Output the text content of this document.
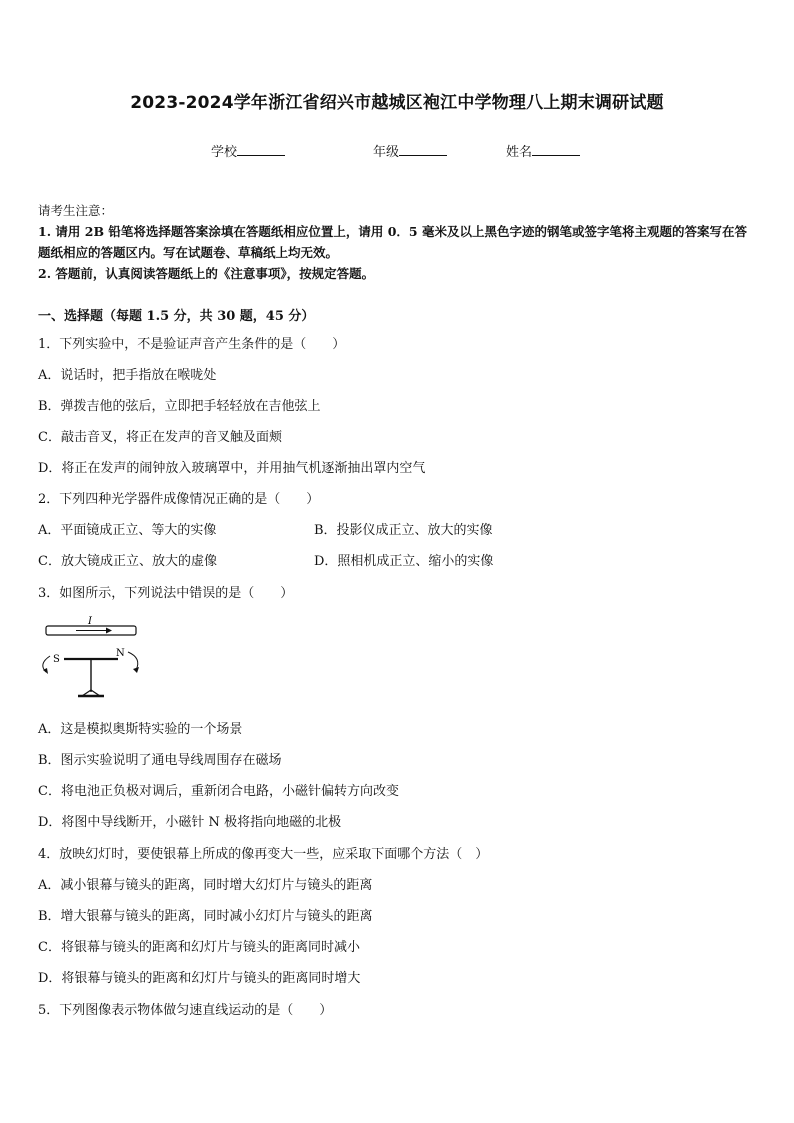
2023-2024学年浙江省绍兴市越城区袍江中学物理八上期末调研试题
学校	年级	姓名
请考生注意：
1. 请用 2B 铅笔将选择题答案涂填在答题纸相应位置上，请用 0．5 毫米及以上黑色字迹的钢笔或签字笔将主观题的答案写在答题纸相应的答题区内。写在试题卷、草稿纸上均无效。
2. 答题前，认真阅读答题纸上的《注意事项》，按规定答题。
一、选择题（每题 1.5 分，共 30 题，45 分）
1．下列实验中，不是验证声音产生条件的是（　　）
A．说话时，把手指放在喉咙处
B．弹拨吉他的弦后，立即把手轻轻放在吉他弦上
C．敲击音叉，将正在发声的音叉触及面颊
D．将正在发声的闹钟放入玻璃罩中，并用抽气机逐渐抽出罩内空气
2．下列四种光学器件成像情况正确的是（　　）
A．平面镜成正立、等大的实像	B．投影仪成正立、放大的实像
C．放大镜成正立、放大的虚像	D．照相机成正立、缩小的实像
3．如图所示，下列说法中错误的是（　　）
I
S
N
A．这是模拟奥斯特实验的一个场景
B．图示实验说明了通电导线周围存在磁场
C．将电池正负极对调后，重新闭合电路，小磁针偏转方向改变
D．将图中导线断开，小磁针 N 极将指向地磁的北极
4．放映幻灯时，要使银幕上所成的像再变大一些，应采取下面哪个方法（　）
A．减小银幕与镜头的距离，同时增大幻灯片与镜头的距离
B．增大银幕与镜头的距离，同时减小幻灯片与镜头的距离
C．将银幕与镜头的距离和幻灯片与镜头的距离同时减小
D．将银幕与镜头的距离和幻灯片与镜头的距离同时增大
5．下列图像表示物体做匀速直线运动的是（　　）
